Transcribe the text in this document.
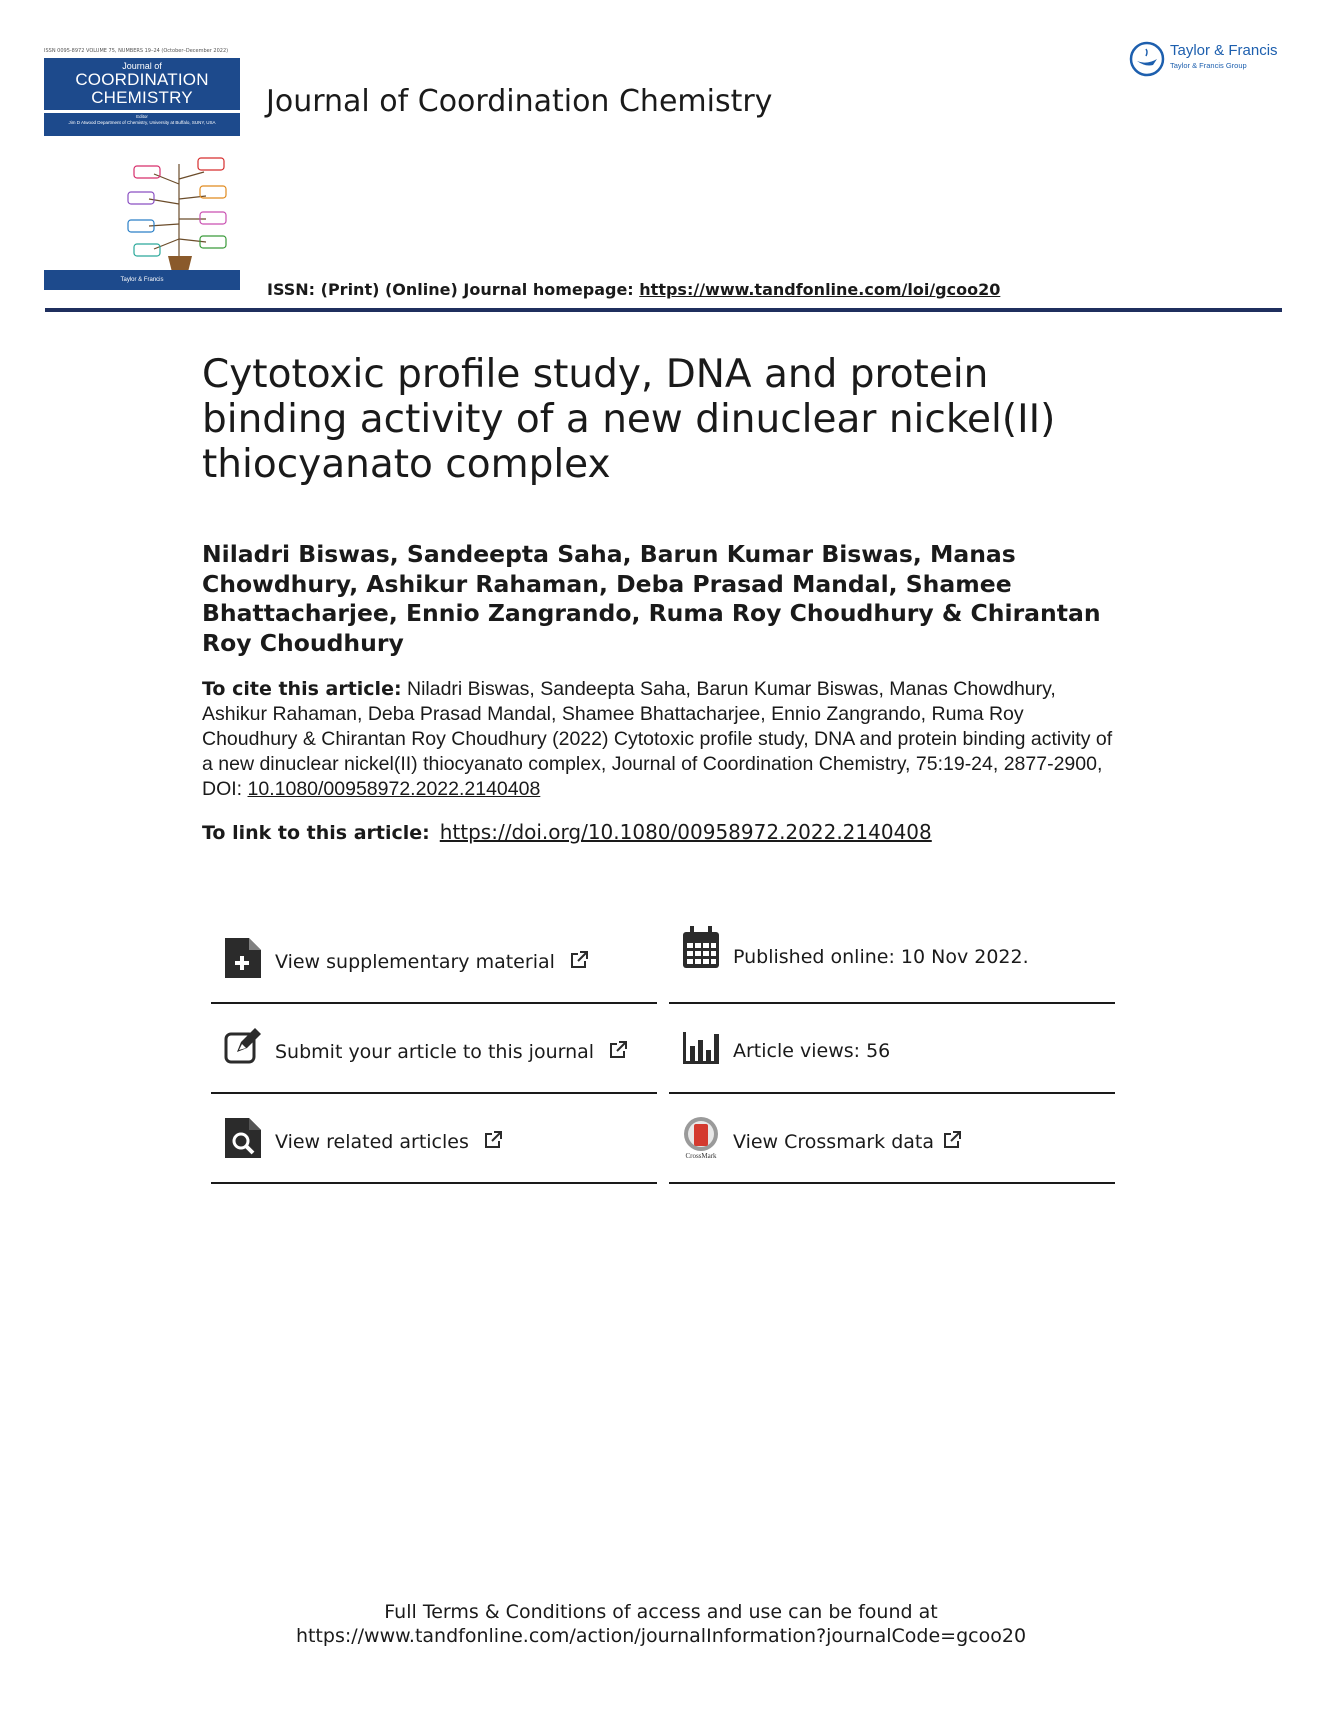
ISSN 0095-8972 VOLUME 75, NUMBERS 19–24 (October–December 2022)
Journal of
COORDINATION
CHEMISTRY
Editor
Jim D Atwood Department of Chemistry, University at Buffalo, SUNY, USA
Taylor & Francis
Journal of Coordination Chemistry
Taylor & Francis
Taylor & Francis Group
ISSN: (Print) (Online) Journal homepage: https://www.tandfonline.com/loi/gcoo20
Cytotoxic profile study, DNA and protein binding activity of a new dinuclear nickel(II) thiocyanato complex
Niladri Biswas, Sandeepta Saha, Barun Kumar Biswas, Manas Chowdhury, Ashikur Rahaman, Deba Prasad Mandal, Shamee Bhattacharjee, Ennio Zangrando, Ruma Roy Choudhury & Chirantan Roy Choudhury
To cite this article: Niladri Biswas, Sandeepta Saha, Barun Kumar Biswas, Manas Chowdhury, Ashikur Rahaman, Deba Prasad Mandal, Shamee Bhattacharjee, Ennio Zangrando, Ruma Roy Choudhury & Chirantan Roy Choudhury (2022) Cytotoxic profile study, DNA and protein binding activity of a new dinuclear nickel(II) thiocyanato complex, Journal of Coordination Chemistry, 75:19-24, 2877-2900, DOI: 10.1080/00958972.2022.2140408
To link to this article: https://doi.org/10.1080/00958972.2022.2140408
View supplementary material
Submit your article to this journal
View related articles
Published online: 10 Nov 2022.
Article views: 56
CrossMark
View Crossmark data
Full Terms & Conditions of access and use can be found at
https://www.tandfonline.com/action/journalInformation?journalCode=gcoo20
